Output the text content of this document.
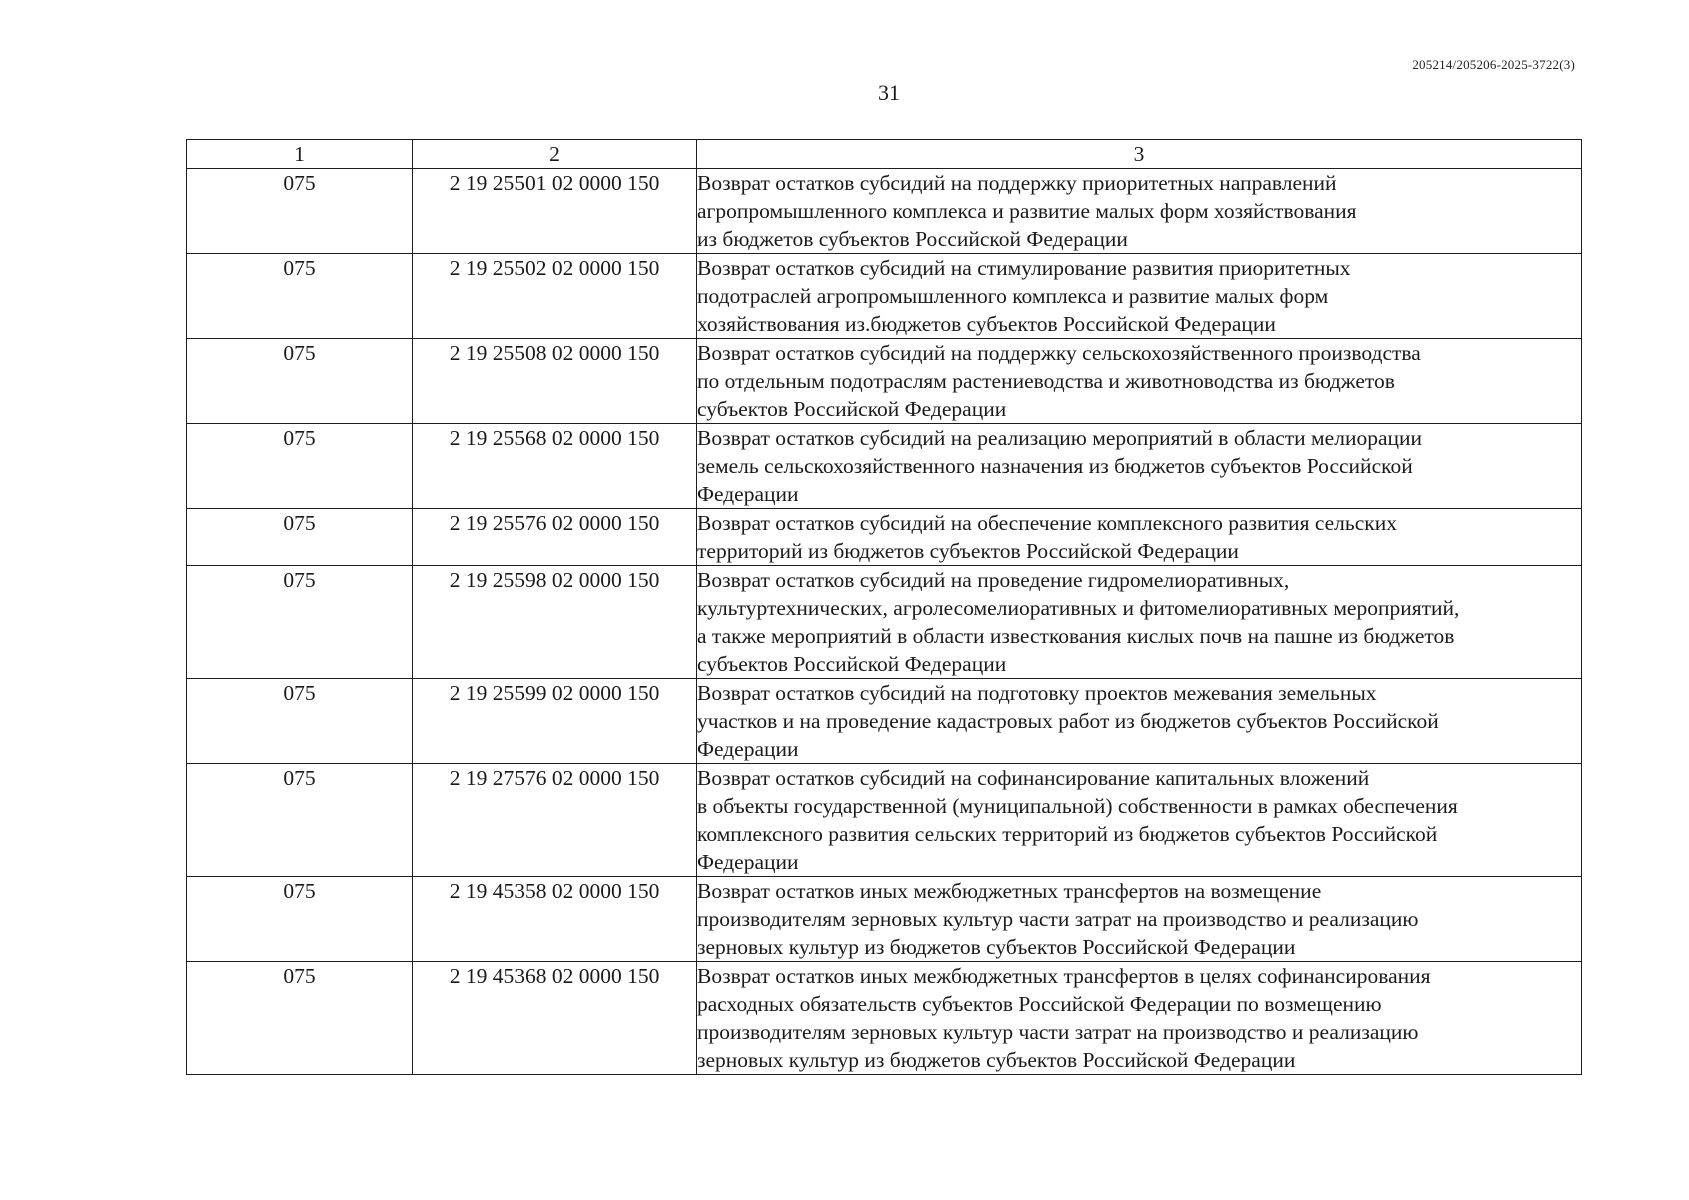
205214/205206-2025-3722(3)
31
1	2	3
075	2 19 25501 02 0000 150	Возврат остатков субсидий на поддержку приоритетных направлений
агропромышленного комплекса и развитие малых форм хозяйствования
из бюджетов субъектов Российской Федерации

075	2 19 25502 02 0000 150	Возврат остатков субсидий на стимулирование развития приоритетных
подотраслей агропромышленного комплекса и развитие малых форм
хозяйствования из.бюджетов субъектов Российской Федерации

075	2 19 25508 02 0000 150	Возврат остатков субсидий на поддержку сельскохозяйственного производства
по отдельным подотраслям растениеводства и животноводства из бюджетов
субъектов Российской Федерации

075	2 19 25568 02 0000 150	Возврат остатков субсидий на реализацию мероприятий в области мелиорации
земель сельскохозяйственного назначения из бюджетов субъектов Российской
Федерации

075	2 19 25576 02 0000 150	Возврат остатков субсидий на обеспечение комплексного развития сельских
территорий из бюджетов субъектов Российской Федерации

075	2 19 25598 02 0000 150	Возврат остатков субсидий на проведение гидромелиоративных,
культуртехнических, агролесомелиоративных и фитомелиоративных мероприятий,
а также мероприятий в области известкования кислых почв на пашне из бюджетов
субъектов Российской Федерации

075	2 19 25599 02 0000 150	Возврат остатков субсидий на подготовку проектов межевания земельных
участков и на проведение кадастровых работ из бюджетов субъектов Российской
Федерации

075	2 19 27576 02 0000 150	Возврат остатков субсидий на софинансирование капитальных вложений
в объекты государственной (муниципальной) собственности в рамках обеспечения
комплексного развития сельских территорий из бюджетов субъектов Российской
Федерации

075	2 19 45358 02 0000 150	Возврат остатков иных межбюджетных трансфертов на возмещение
производителям зерновых культур части затрат на производство и реализацию
зерновых культур из бюджетов субъектов Российской Федерации

075	2 19 45368 02 0000 150	Возврат остатков иных межбюджетных трансфертов в целях софинансирования
расходных обязательств субъектов Российской Федерации по возмещению
производителям зерновых культур части затрат на производство и реализацию
зерновых культур из бюджетов субъектов Российской Федерации
